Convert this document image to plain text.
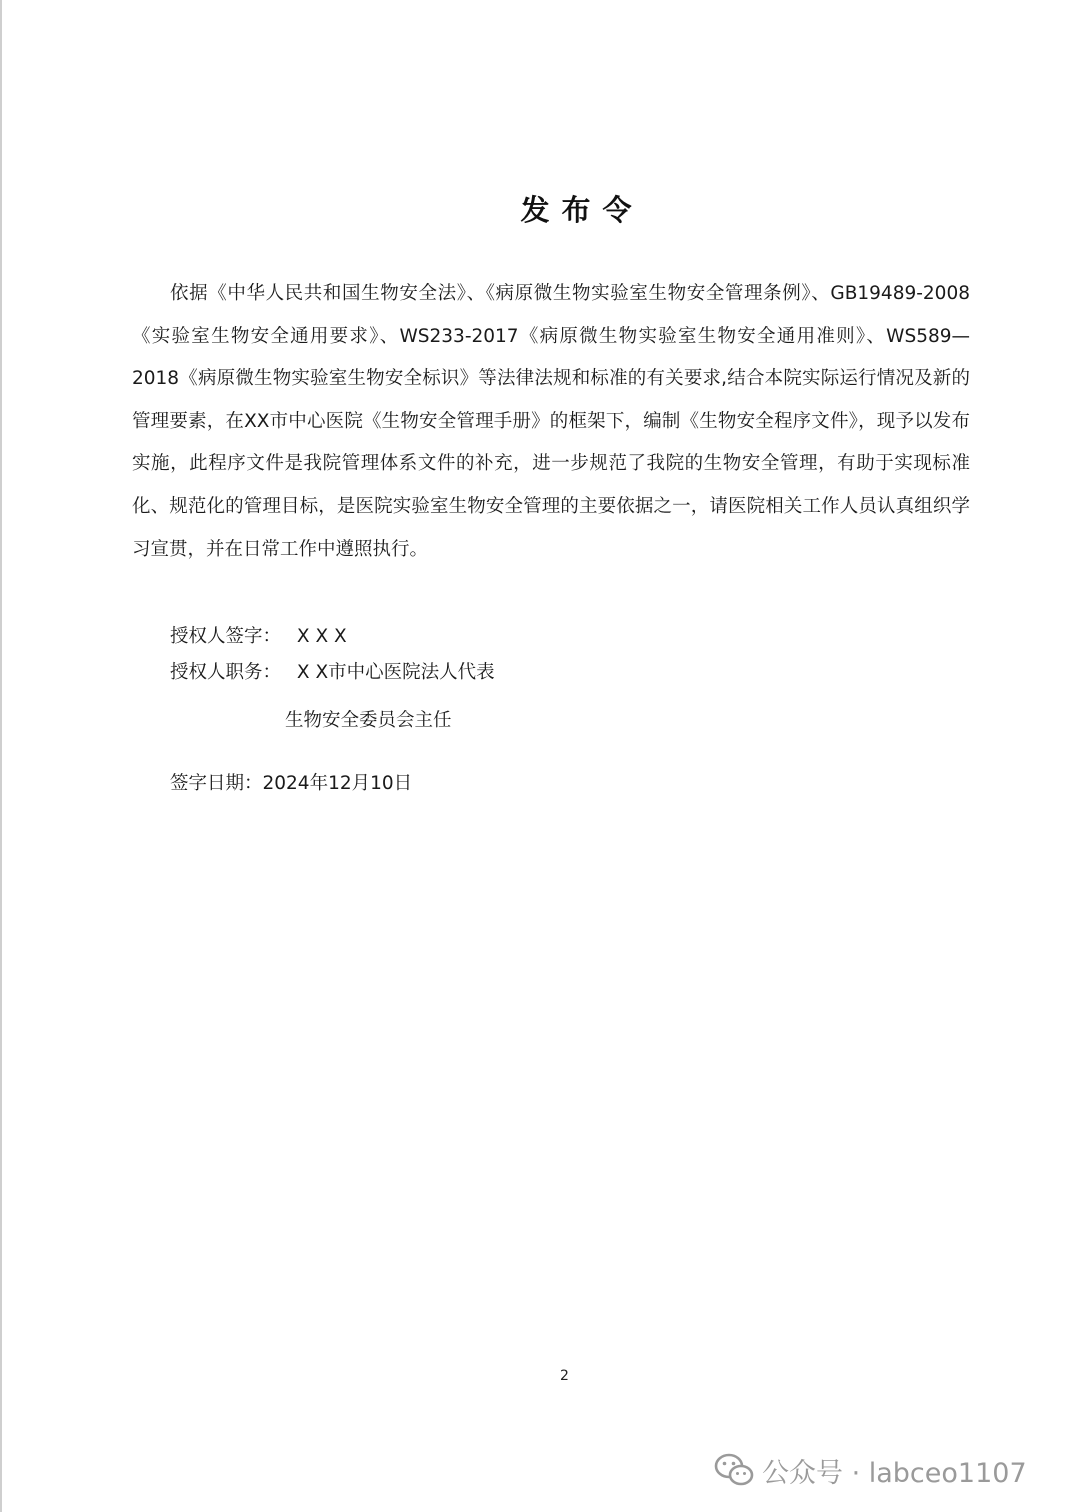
发布令

依据《中华人民共和国生物安全法》、《病原微生物实验室生物安全管理条例》、GB19489-2008《实验室生物安全通用要求》、WS233-2017《病原微生物实验室生物安全通用准则》、WS589—2018《病原微生物实验室生物安全标识》等法律法规和标准的有关要求,结合本院实际运行情况及新的管理要素，在XX市中心医院《生物安全管理手册》的框架下，编制《生物安全程序文件》，现予以发布实施，此程序文件是我院管理体系文件的补充，进一步规范了我院的生物安全管理，有助于实现标准化、规范化的管理目标，是医院实验室生物安全管理的主要依据之一，请医院相关工作人员认真组织学习宣贯，并在日常工作中遵照执行。

授权人签字： X X X
授权人职务： X X市中心医院法人代表
生物安全委员会主任
签字日期：2024年12月10日
2
公众号 · labceo1107
